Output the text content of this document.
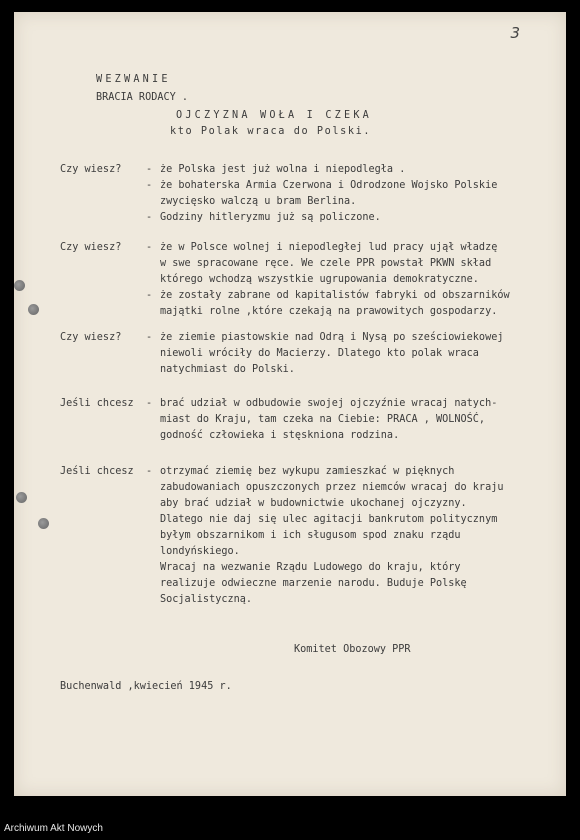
3
WEZWANIE
BRACIA RODACY .
OJCZYZNA WOŁA I CZEKA
kto Polak wraca do Polski.
Czy wiesz?	- że Polska jest już wolna i niepodległa .
- że bohaterska Armia Czerwona i Odrodzone Wojsko Polskie
zwycięsko walczą u bram Berlina.
- Godziny hitleryzmu już są policzone.
Czy wiesz?	- że w Polsce wolnej i niepodległej lud pracy ujął władzę
w swe spracowane ręce. We czele PPR powstał PKWN skład
którego wchodzą wszystkie ugrupowania demokratyczne.
- że zostały zabrane od kapitalistów fabryki od obszarników
majątki rolne ,które czekają na prawowitych gospodarzy.
Czy wiesz?	- że ziemie piastowskie nad Odrą i Nysą po sześciowiekowej
niewoli wróciły do Macierzy. Dlatego kto polak wraca
natychmiast do Polski.
Jeśli chcesz	- brać udział w odbudowie swojej ojczyźnie wracaj natych-
miast do Kraju, tam czeka na Ciebie: PRACA , WOLNOŚĆ,
godność człowieka i stęskniona rodzina.
Jeśli chcesz	- otrzymać ziemię bez wykupu zamieszkać w pięknych
zabudowaniach opuszczonych przez niemców wracaj do kraju
aby brać udział w budownictwie ukochanej ojczyzny.
Dlatego nie daj się ulec agitacji bankrutom politycznym
byłym obszarnikom i ich sługusom spod znaku rządu
londyńskiego.
Wracaj na wezwanie Rządu Ludowego do kraju, który
realizuje odwieczne marzenie narodu. Buduje Polskę
Socjalistyczną.
Komitet Obozowy PPR
Buchenwald ,kwiecień 1945 r.
Archiwum Akt Nowych
